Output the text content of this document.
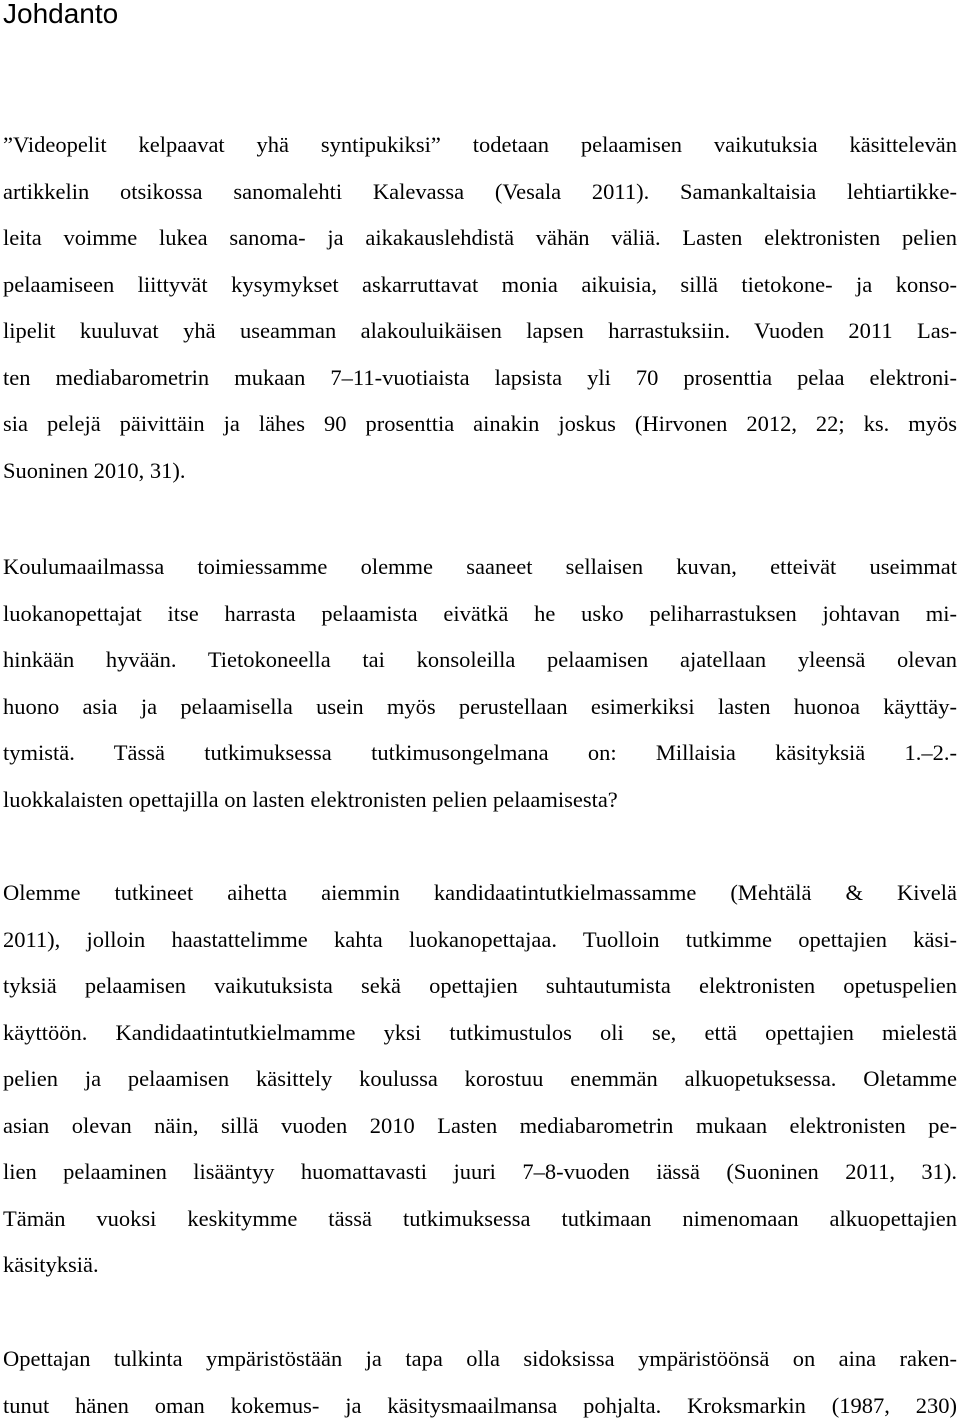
Johdanto

”Videopelit kelpaavat yhä syntipukiksi” todetaan pelaamisen vaikutuksia käsittelevän
artikkelin otsikossa sanomalehti Kalevassa (Vesala 2011). Samankaltaisia lehtiartikke-
leita voimme lukea sanoma- ja aikakauslehdistä vähän väliä. Lasten elektronisten pelien
pelaamiseen liittyvät kysymykset askarruttavat monia aikuisia, sillä tietokone- ja konso-
lipelit kuuluvat yhä useamman alakouluikäisen lapsen harrastuksiin. Vuoden 2011 Las-
ten mediabarometrin mukaan 7–11-vuotiaista lapsista yli 70 prosenttia pelaa elektroni-
sia pelejä päivittäin ja lähes 90 prosenttia ainakin joskus (Hirvonen 2012, 22; ks. myös
Suoninen 2010, 31).

Koulumaailmassa toimiessamme olemme saaneet sellaisen kuvan, etteivät useimmat
luokanopettajat itse harrasta pelaamista eivätkä he usko peliharrastuksen johtavan mi-
hinkään hyvään. Tietokoneella tai konsoleilla pelaamisen ajatellaan yleensä olevan
huono asia ja pelaamisella usein myös perustellaan esimerkiksi lasten huonoa käyttäy-
tymistä. Tässä tutkimuksessa tutkimusongelmana on: Millaisia käsityksiä 1.–2.-
luokkalaisten opettajilla on lasten elektronisten pelien pelaamisesta?

Olemme tutkineet aihetta aiemmin kandidaatintutkielmassamme (Mehtälä & Kivelä
2011), jolloin haastattelimme kahta luokanopettajaa. Tuolloin tutkimme opettajien käsi-
tyksiä pelaamisen vaikutuksista sekä opettajien suhtautumista elektronisten opetuspelien
käyttöön. Kandidaatintutkielmamme yksi tutkimustulos oli se, että opettajien mielestä
pelien ja pelaamisen käsittely koulussa korostuu enemmän alkuopetuksessa. Oletamme
asian olevan näin, sillä vuoden 2010 Lasten mediabarometrin mukaan elektronisten pe-
lien pelaaminen lisääntyy huomattavasti juuri 7–8-vuoden iässä (Suoninen 2011, 31).
Tämän vuoksi keskitymme tässä tutkimuksessa tutkimaan nimenomaan alkuopettajien
käsityksiä.

Opettajan tulkinta ympäristöstään ja tapa olla sidoksissa ympäristöönsä on aina raken-
tunut hänen oman kokemus- ja käsitysmaailmansa pohjalta. Kroksmarkin (1987, 230)
